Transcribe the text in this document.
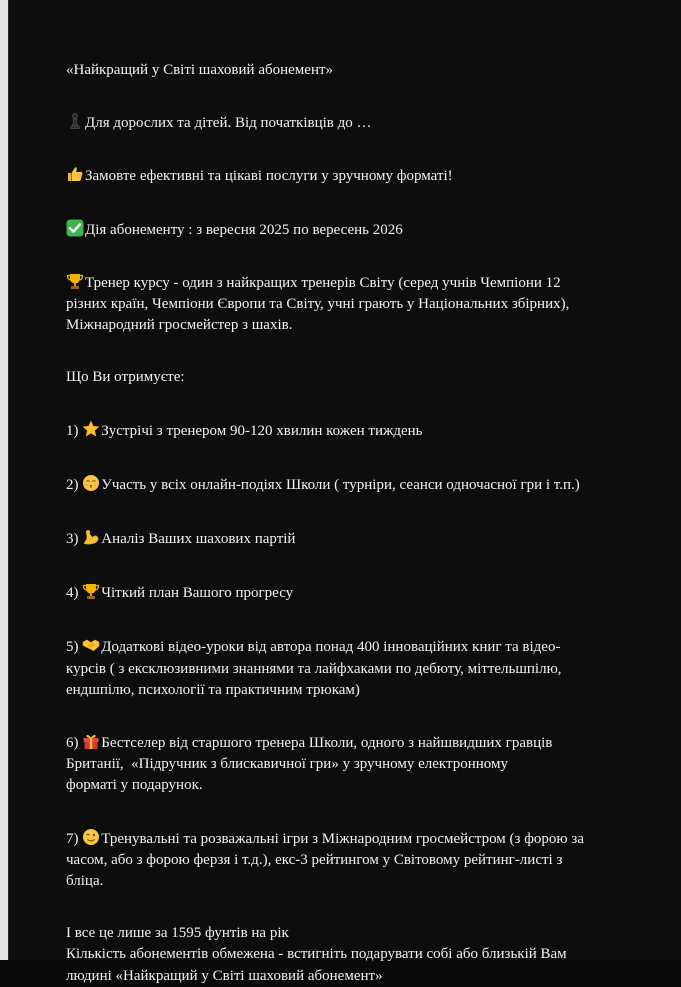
«Найкращий у Світі шаховий абонемент»

Для дорослих та дітей. Від початківців до …

Замовте ефективні та цікаві послуги у зручному форматі!

Дія абонементу : з вересня 2025 по вересень 2026

Тренер курсу - один з найкращих тренерів Світу (серед учнів Чемпіони 12
різних країн, Чемпіони Європи та Світу, учні грають у Національних збірних),
Міжнародний гросмейстер з шахів.

Що Ви отримуєте:

1) Зустрічі з тренером 90-120 хвилин кожен тиждень

2) Участь у всіх онлайн-подіях Школи ( турніри, сеанси одночасної гри і т.п.)

3) Аналіз Ваших шахових партій

4) Чіткий план Вашого прогресу

5) Додаткові відео-уроки від автора понад 400 інноваційних книг та відео-
курсів ( з ексклюзивними знаннями та лайфхаками по дебюту, міттельшпілю,
ендшпілю, психології та практичним трюкам)

6) Бестселер від старшого тренера Школи, одного з найшвидших гравців
Британії,  «Підручник з блискавичної гри» у зручному електронному
форматі у подарунок.

7) Тренувальні та розважальні ігри з Міжнародним гросмейстром (з форою за
часом, або з форою ферзя і т.д.), екс-3 рейтингом у Світовому рейтинг-листі з
бліца.

І все це лише за 1595 фунтів на рік
Кількість абонементів обмежена - встигніть подарувати собі або близькій Вам
людині «Найкращий у Світі шаховий абонемент»
